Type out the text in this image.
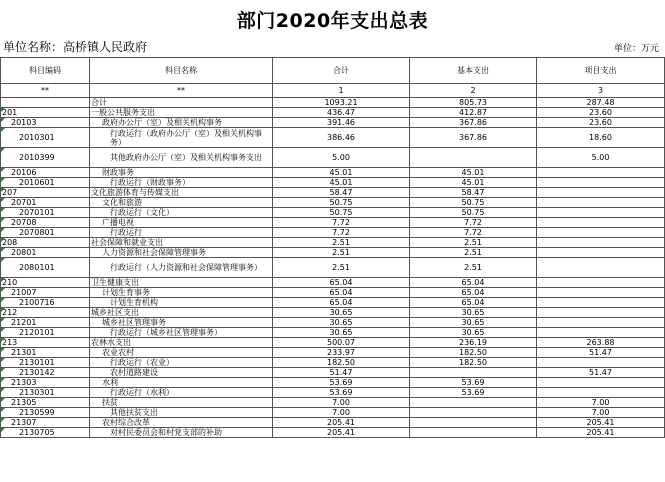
部门2020年支出总表
单位名称：高桥镇人民政府	单位：万元
科目编码	科目名称	合计	基本支出	项目支出
**	**	1	2	3
	合计	1093.21	805.73	287.48

201	一般公共服务支出	436.47	412.87	23.60

20103	政府办公厅（室）及相关机构事务	391.46	367.86	23.60

2010301	行政运行（政府办公厅（室）及相关机构事务）	386.46	367.86	18.60

2010399	其他政府办公厅（室）及相关机构事务支出	5.00		5.00

20106	财政事务	45.01	45.01	

2010601	行政运行（财政事务）	45.01	45.01	

207	文化旅游体育与传媒支出	58.47	58.47	

20701	文化和旅游	50.75	50.75	

2070101	行政运行（文化）	50.75	50.75	

20708	广播电视	7.72	7.72	

2070801	行政运行	7.72	7.72	

208	社会保障和就业支出	2.51	2.51	

20801	人力资源和社会保障管理事务	2.51	2.51	

2080101	行政运行（人力资源和社会保障管理事务）	2.51	2.51	

210	卫生健康支出	65.04	65.04	

21007	计划生育事务	65.04	65.04	

2100716	计划生育机构	65.04	65.04	

212	城乡社区支出	30.65	30.65	

21201	城乡社区管理事务	30.65	30.65	

2120101	行政运行（城乡社区管理事务）	30.65	30.65	

213	农林水支出	500.07	236.19	263.88

21301	农业农村	233.97	182.50	51.47

2130101	行政运行（农业）	182.50	182.50	

2130142	农村道路建设	51.47		51.47

21303	水利	53.69	53.69	

2130301	行政运行（水利）	53.69	53.69	

21305	扶贫	7.00		7.00

2130599	其他扶贫支出	7.00		7.00

21307	农村综合改革	205.41		205.41

2130705	对村民委员会和村党支部的补助	205.41		205.41
